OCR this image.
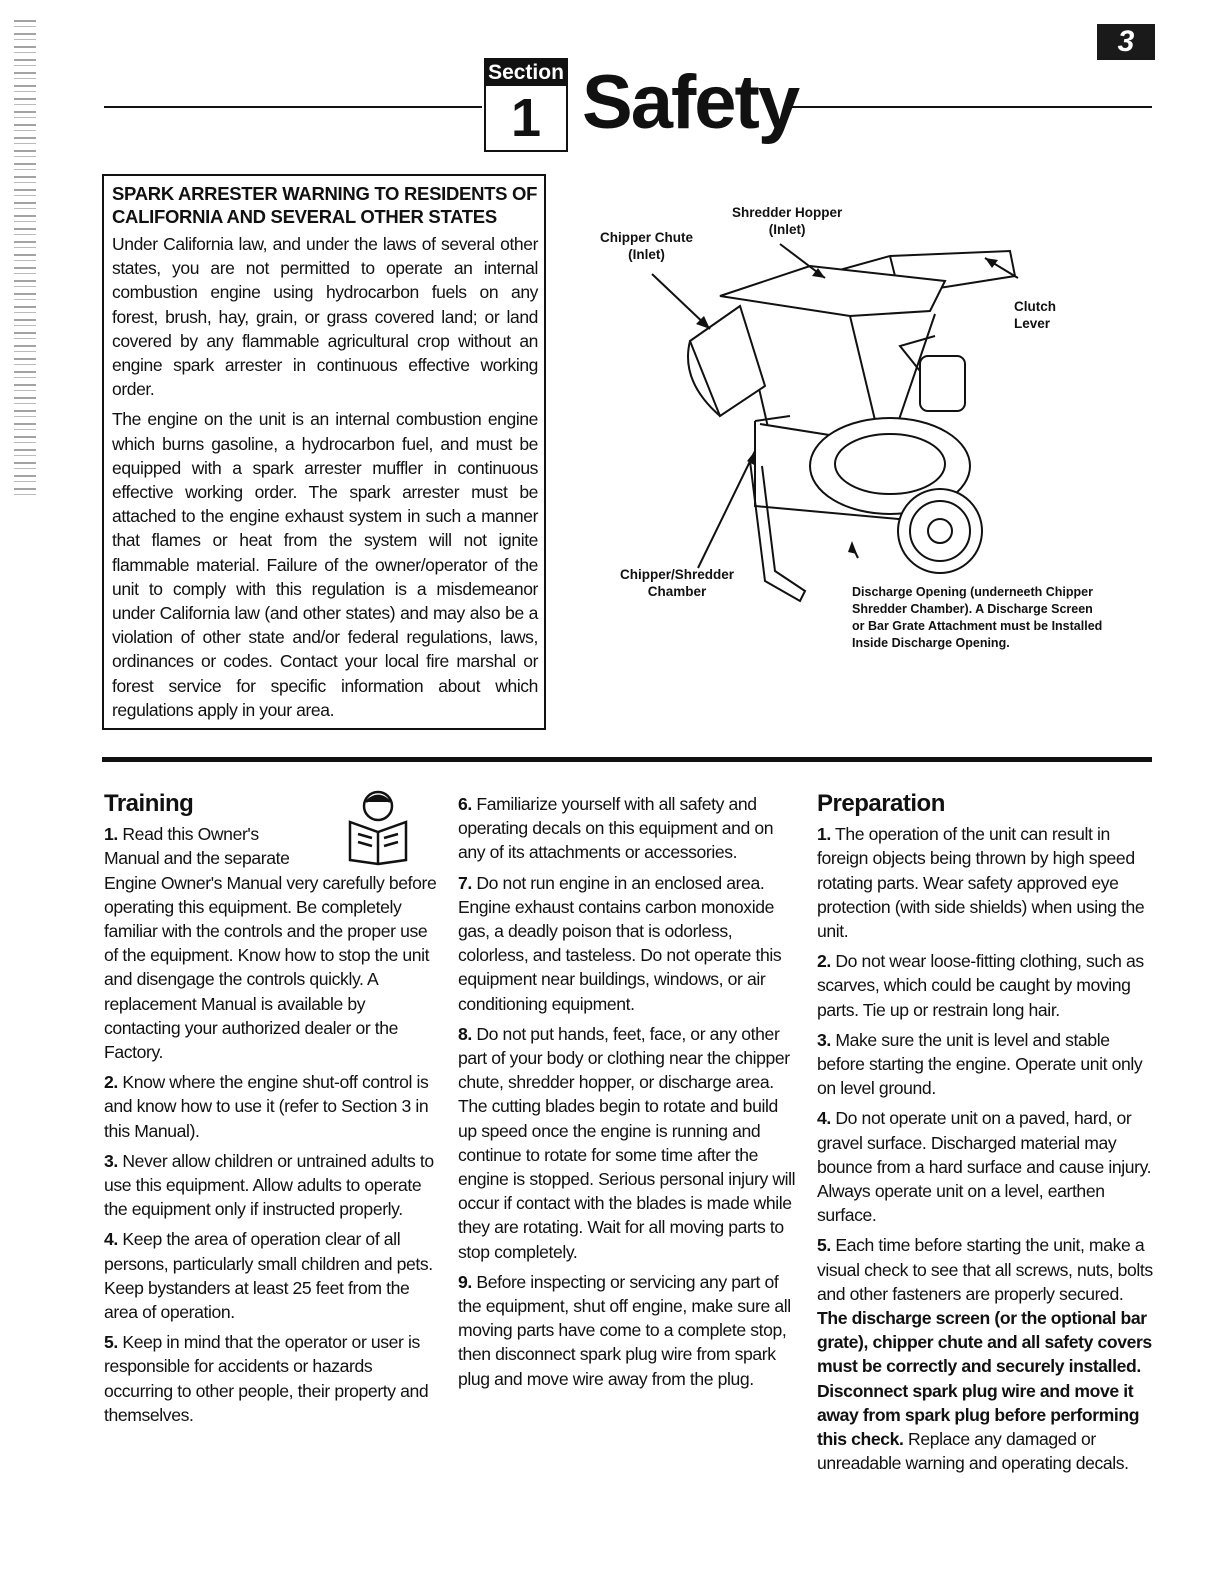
3
Section
1 Safety
SPARK ARRESTER WARNING TO RESIDENTS OF
CALIFORNIA AND SEVERAL OTHER STATES

Under California law, and under the laws of several other states, you are not permitted to operate an internal combustion engine using hydrocarbon fuels on any forest, brush, hay, grain, or grass covered land; or land covered by any flammable agricultural crop without an engine spark arrester in continuous effective working order.

The engine on the unit is an internal combustion engine which burns gasoline, a hydrocarbon fuel, and must be equipped with a spark arrester muffler in continuous effective working order. The spark arrester must be attached to the engine exhaust system in such a manner that flames or heat from the system will not ignite flammable material. Failure of the owner/operator of the unit to comply with this regulation is a misdemeanor under California law (and other states) and may also be a violation of other state and/or federal regulations, laws, ordinances or codes. Contact your local fire marshal or forest service for specific information about which regulations apply in your area.

Shredder Hopper
(Inlet)
Chipper Chute
(Inlet)
Clutch
Lever
Chipper/Shredder
Chamber	Discharge Opening (underneeth Chipper
Shredder Chamber). A Discharge Screen
or Bar Grate Attachment must be Installed
Inside Discharge Opening.
Training

1. Read this Owner's
Manual and the separate
Engine Owner's Manual very carefully before operating this equipment. Be completely familiar with the controls and the proper use of the equipment. Know how to stop the unit and disengage the controls quickly. A replacement Manual is available by contacting your authorized dealer or the Factory.

2. Know where the engine shut-off control is and know how to use it (refer to Section 3 in this Manual).

3. Never allow children or untrained adults to use this equipment. Allow adults to operate the equipment only if instructed properly.

4. Keep the area of operation clear of all persons, particularly small children and pets. Keep bystanders at least 25 feet from the area of operation.

5. Keep in mind that the operator or user is responsible for accidents or hazards occurring to other people, their property and themselves.

6. Familiarize yourself with all safety and operating decals on this equipment and on any of its attachments or accessories.

7. Do not run engine in an enclosed area. Engine exhaust contains carbon monoxide gas, a deadly poison that is odorless, colorless, and tasteless. Do not operate this equipment near buildings, windows, or air conditioning equipment.

8. Do not put hands, feet, face, or any other part of your body or clothing near the chipper chute, shredder hopper, or discharge area. The cutting blades begin to rotate and build up speed once the engine is running and continue to rotate for some time after the engine is stopped. Serious personal injury will occur if contact with the blades is made while they are rotating. Wait for all moving parts to stop completely.

9. Before inspecting or servicing any part of the equipment, shut off engine, make sure all moving parts have come to a complete stop, then disconnect spark plug wire from spark plug and move wire away from the plug.

Preparation

1. The operation of the unit can result in foreign objects being thrown by high speed rotating parts. Wear safety approved eye protection (with side shields) when using the unit.

2. Do not wear loose-fitting clothing, such as scarves, which could be caught by moving parts. Tie up or restrain long hair.

3. Make sure the unit is level and stable before starting the engine. Operate unit only on level ground.

4. Do not operate unit on a paved, hard, or gravel surface. Discharged material may bounce from a hard surface and cause injury. Always operate unit on a level, earthen surface.

5. Each time before starting the unit, make a visual check to see that all screws, nuts, bolts and other fasteners are properly secured. The discharge screen (or the optional bar grate), chipper chute and all safety covers must be correctly and securely installed. Disconnect spark plug wire and move it away from spark plug before performing this check. Replace any damaged or unreadable warning and operating decals.
